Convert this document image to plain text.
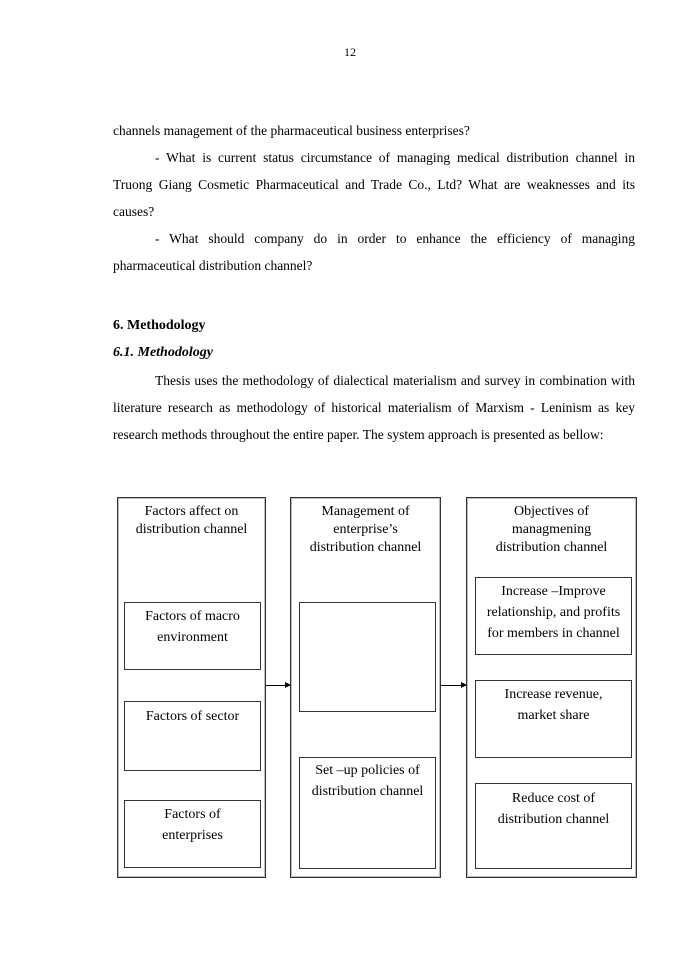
12

channels management of the pharmaceutical business enterprises?

- What is current status circumstance of managing medical distribution channel in Truong Giang Cosmetic Pharmaceutical and Trade Co., Ltd? What are weaknesses and its causes?

- What should company do in order to enhance the efficiency of managing pharmaceutical distribution channel?

6. Methodology
6.1. Methodology

Thesis uses the methodology of dialectical materialism and survey in combination with literature research as methodology of historical materialism of Marxism - Leninism as key research methods throughout the entire paper. The system approach is presented as bellow:

Factors affect on distribution channel
Factors of macro environment
Factors of sector
Factors of enterprises
Management of enterprise’s distribution channel
Set –up policies of distribution channel
Objectives of managmening distribution channel
Increase –Improve relationship, and profits for members in channel
Increase revenue, market share
Reduce cost of distribution channel
